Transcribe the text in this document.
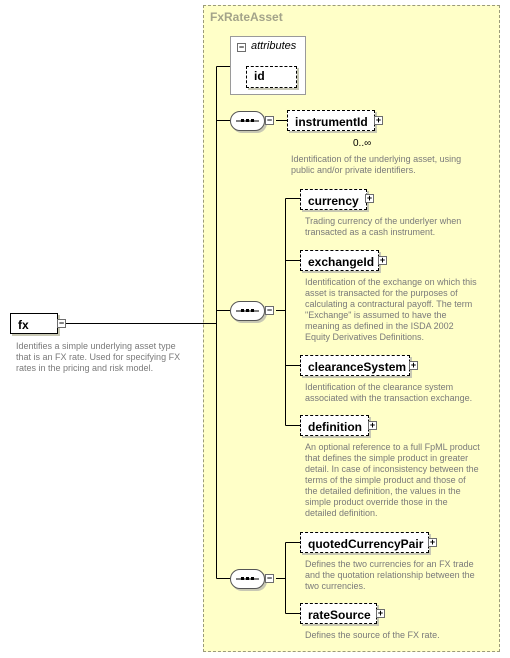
FxRateAsset
− attributes
id
fx	−
Identifies a simple underlying asset type
that is an FX rate. Used for specifying FX
rates in the pricing and risk model.
−	instrumentId +
0..∞
Identification of the underlying asset, using
public and/or private identifiers.
−
currency +
Trading currency of the underlyer when
transacted as a cash instrument.
exchangeId +
Identification of the exchange on which this
asset is transacted for the purposes of
calculating a contractural payoff. The term
"Exchange" is assumed to have the
meaning as defined in the ISDA 2002
Equity Derivatives Definitions.
clearanceSystem +
Identification of the clearance system
associated with the transaction exchange.
definition +
An optional reference to a full FpML product
that defines the simple product in greater
detail. In case of inconsistency between the
terms of the simple product and those of
the detailed definition, the values in the
simple product override those in the
detailed definition.
−
quotedCurrencyPair +
Defines the two currencies for an FX trade
and the quotation relationship between the
two currencies.
rateSource +
Defines the source of the FX rate.
